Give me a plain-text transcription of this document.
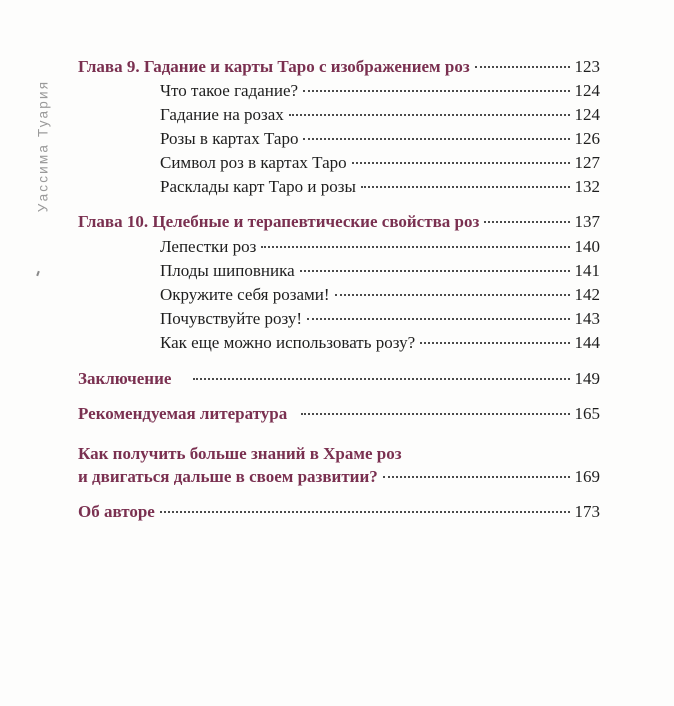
Уассима Туария
Глава 9. Гадание и карты Таро с изображением роз	123
Что такое гадание?	124
Гадание на розах	124
Розы в картах Таро	126
Символ роз в картах Таро	127
Расклады карт Таро и розы	132
Глава 10. Целебные и терапевтические свойства роз	137
Лепестки роз	140
Плоды шиповника	141
Окружите себя розами!	142
Почувствуйте розу!	143
Как еще можно использовать розу?	144
Заключение	149
Рекомендуемая литература	165
Как получить больше знаний в Храме роз
и двигаться дальше в своем развитии?	169
Об авторе	173
